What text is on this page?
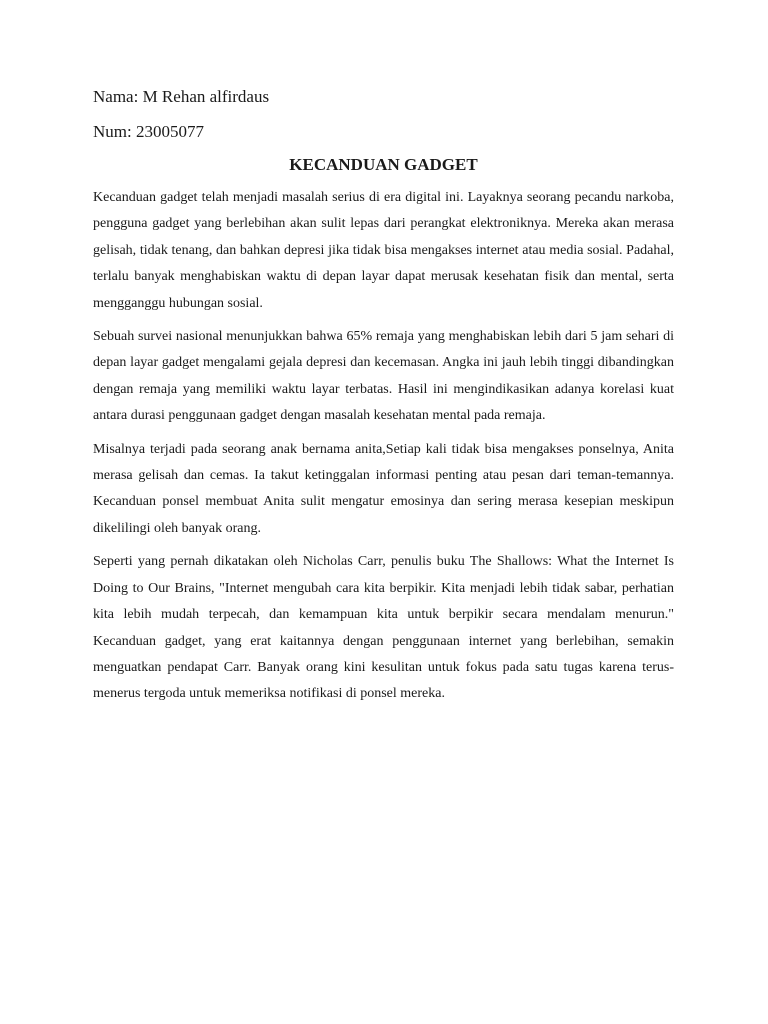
Nama: M Rehan alfirdaus

Num: 23005077

KECANDUAN GADGET

Kecanduan gadget telah menjadi masalah serius di era digital ini. Layaknya seorang pecandu narkoba, pengguna gadget yang berlebihan akan sulit lepas dari perangkat elektroniknya. Mereka akan merasa gelisah, tidak tenang, dan bahkan depresi jika tidak bisa mengakses internet atau media sosial. Padahal, terlalu banyak menghabiskan waktu di depan layar dapat merusak kesehatan fisik dan mental, serta mengganggu hubungan sosial.

Sebuah survei nasional menunjukkan bahwa 65% remaja yang menghabiskan lebih dari 5 jam sehari di depan layar gadget mengalami gejala depresi dan kecemasan. Angka ini jauh lebih tinggi dibandingkan dengan remaja yang memiliki waktu layar terbatas. Hasil ini mengindikasikan adanya korelasi kuat antara durasi penggunaan gadget dengan masalah kesehatan mental pada remaja.

Misalnya terjadi pada seorang anak bernama anita,Setiap kali tidak bisa mengakses ponselnya, Anita merasa gelisah dan cemas. Ia takut ketinggalan informasi penting atau pesan dari teman-temannya. Kecanduan ponsel membuat Anita sulit mengatur emosinya dan sering merasa kesepian meskipun dikelilingi oleh banyak orang.

Seperti yang pernah dikatakan oleh Nicholas Carr, penulis buku The Shallows: What the Internet Is Doing to Our Brains, "Internet mengubah cara kita berpikir. Kita menjadi lebih tidak sabar, perhatian kita lebih mudah terpecah, dan kemampuan kita untuk berpikir secara mendalam menurun." Kecanduan gadget, yang erat kaitannya dengan penggunaan internet yang berlebihan, semakin menguatkan pendapat Carr. Banyak orang kini kesulitan untuk fokus pada satu tugas karena terus-menerus tergoda untuk memeriksa notifikasi di ponsel mereka.
